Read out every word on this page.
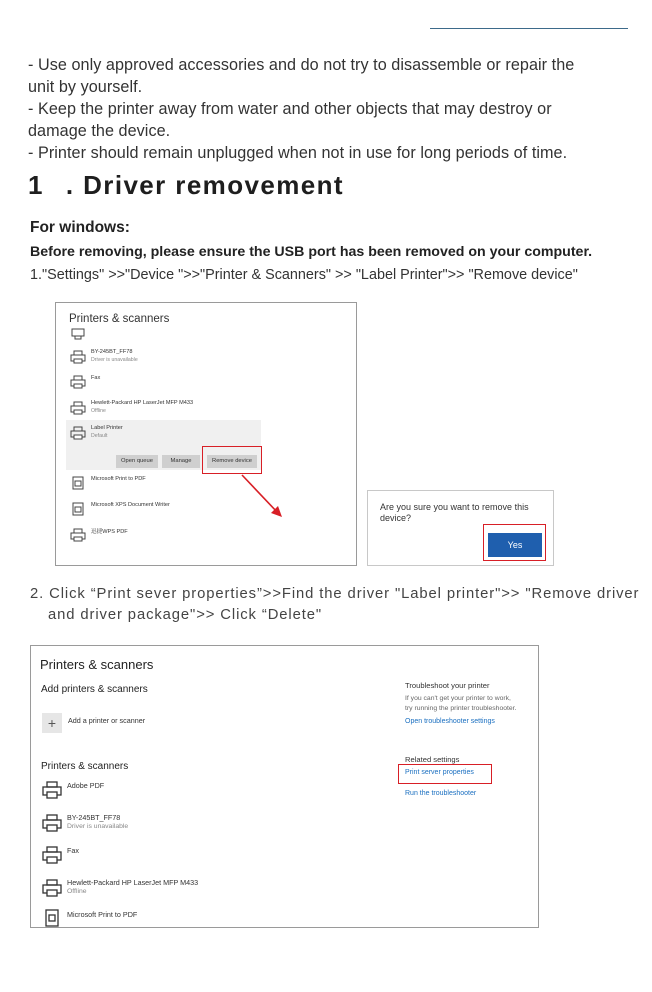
- Use only approved accessories and do not try to disassemble or repair the
unit by yourself.
- Keep the printer away from water and other objects that may destroy or
damage the device.
- Printer should remain unplugged when not in use for long periods of time.
1 . Driver removement
For windows:
Before removing, please ensure the USB port has been removed on your computer.
1."Settings" >>"Device ">>"Printer & Scanners" >> "Label Printer">> "Remove device"
Printers & scanners
BY-245BT_FF78
Driver is unavailable
Fax
Hewlett-Packard HP LaserJet MFP M433
Offline
Label Printer
Default
Open queue	Manage	Remove device
Microsoft Print to PDF
Microsoft XPS Document Writer
迅捷WPS PDF
Are you sure you want to remove this device?
Yes
2. Click “Print sever properties”>>Find the driver "Label printer">> "Remove driver
and driver package">> Click “Delete"
Printers & scanners
Add printers & scanners
+	Add a printer or scanner
Printers & scanners
Adobe PDF
BY-245BT_FF78
Driver is unavailable
Fax
Hewlett-Packard HP LaserJet MFP M433
Offline
Microsoft Print to PDF
Troubleshoot your printer
If you can't get your printer to work,
try running the printer troubleshooter.
Open troubleshooter settings
Related settings
Print server properties
Run the troubleshooter
